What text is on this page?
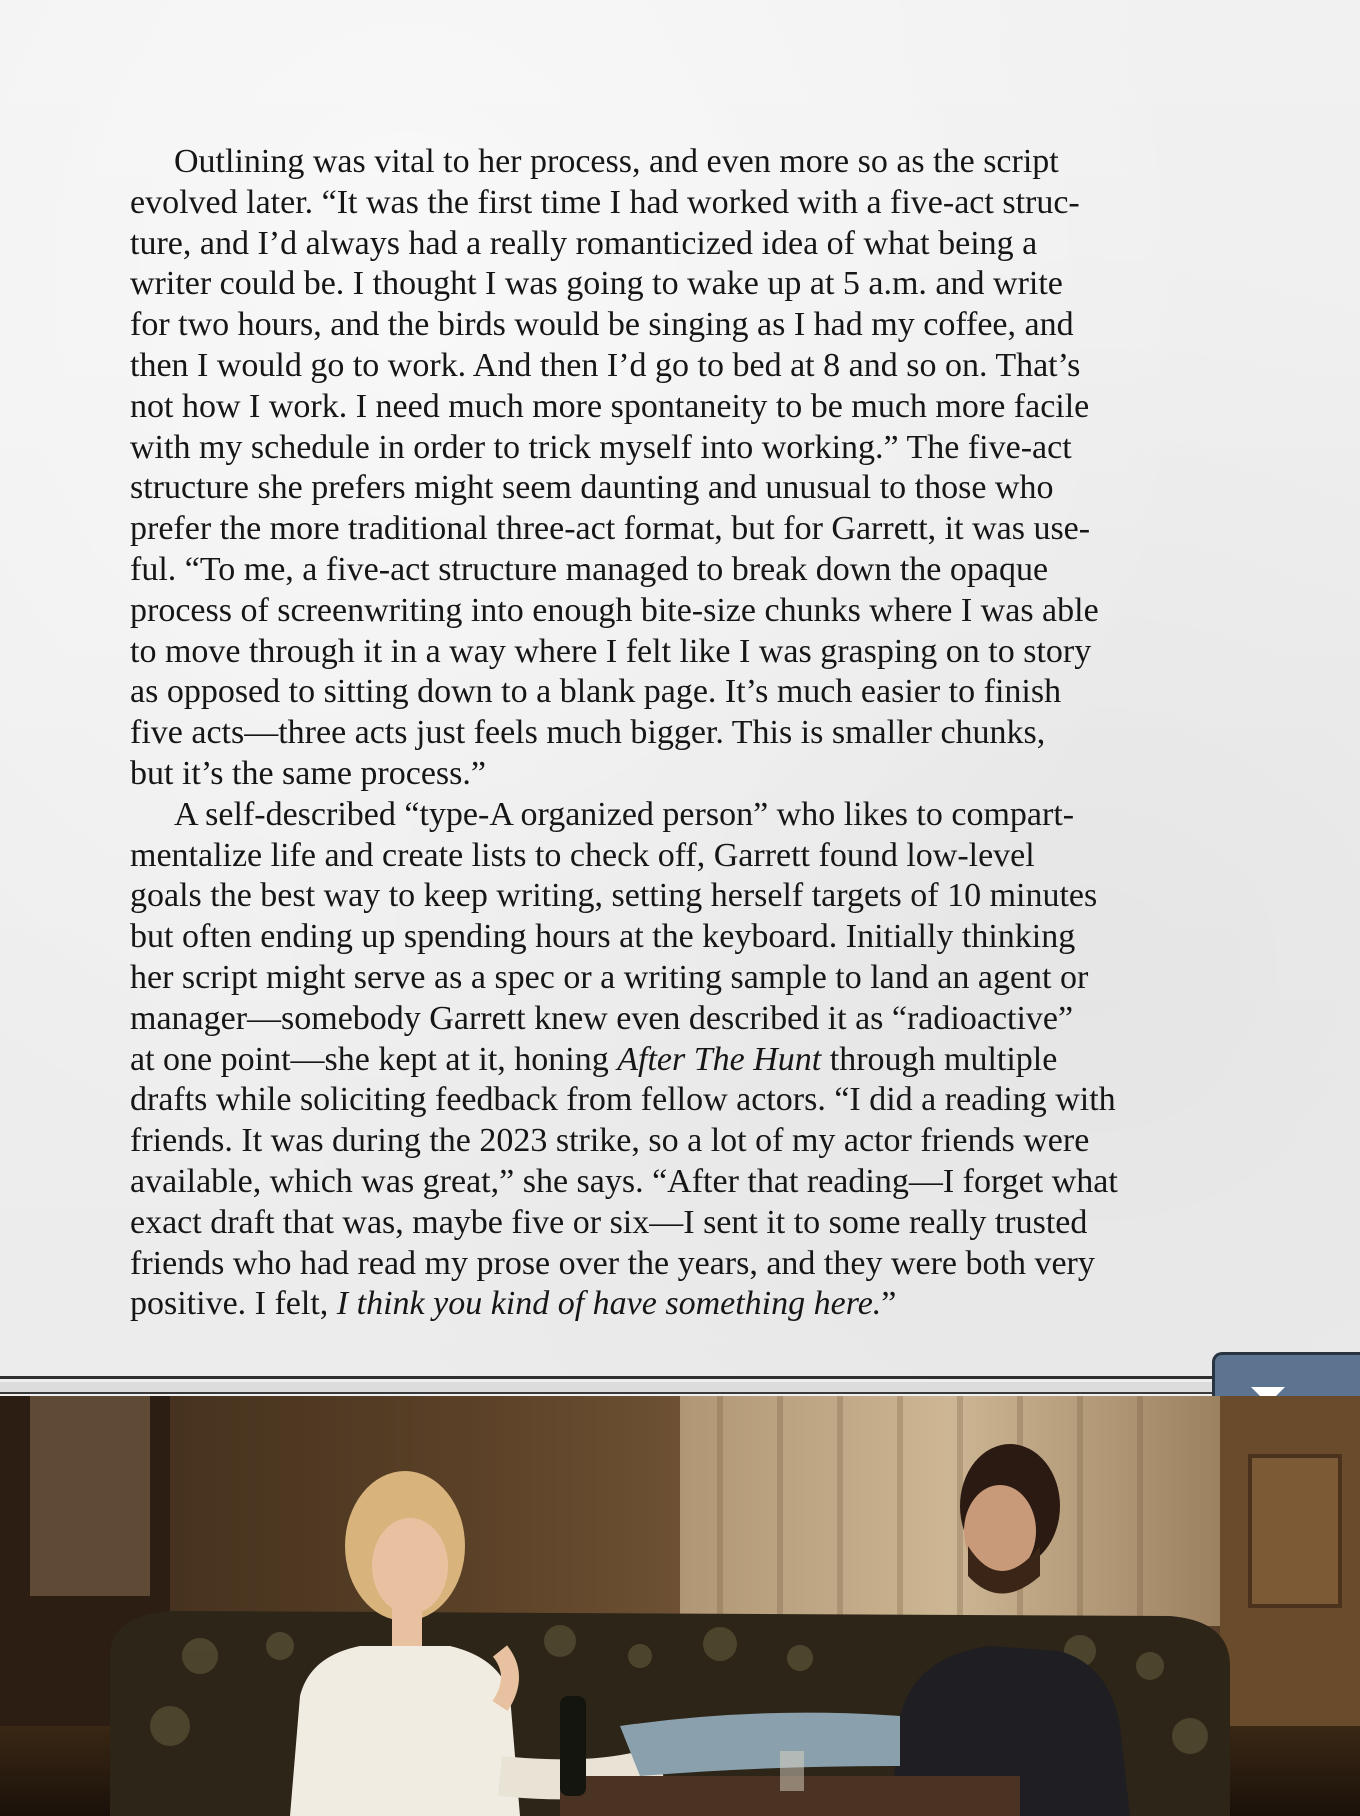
Outlining was vital to her process, and even more so as the script
evolved later. “It was the first time I had worked with a five-act struc-
ture, and I’d always had a really romanticized idea of what being a
writer could be. I thought I was going to wake up at 5 a.m. and write
for two hours, and the birds would be singing as I had my coffee, and
then I would go to work. And then I’d go to bed at 8 and so on. That’s
not how I work. I need much more spontaneity to be much more facile
with my schedule in order to trick myself into working.” The five-act
structure she prefers might seem daunting and unusual to those who
prefer the more traditional three-act format, but for Garrett, it was use-
ful. “To me, a five-act structure managed to break down the opaque
process of screenwriting into enough bite-size chunks where I was able
to move through it in a way where I felt like I was grasping on to story
as opposed to sitting down to a blank page. It’s much easier to finish
five acts—three acts just feels much bigger. This is smaller chunks,
but it’s the same process.”

A self-described “type-A organized person” who likes to compart-
mentalize life and create lists to check off, Garrett found low-level
goals the best way to keep writing, setting herself targets of 10 minutes
but often ending up spending hours at the keyboard. Initially thinking
her script might serve as a spec or a writing sample to land an agent or
manager—somebody Garrett knew even described it as “radioactive”
at one point—she kept at it, honing After The Hunt through multiple
drafts while soliciting feedback from fellow actors. “I did a reading with
friends. It was during the 2023 strike, so a lot of my actor friends were
available, which was great,” she says. “After that reading—I forget what
exact draft that was, maybe five or six—I sent it to some really trusted
friends who had read my prose over the years, and they were both very
positive. I felt, I think you kind of have something here.”
